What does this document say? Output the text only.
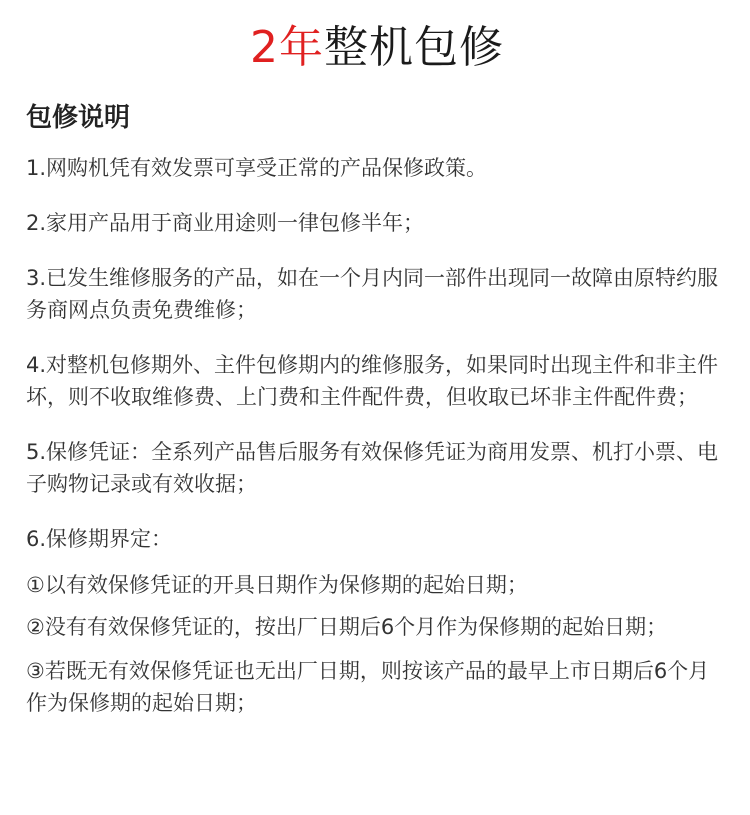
2年整机包修
包修说明

1.网购机凭有效发票可享受正常的产品保修政策。

2.家用产品用于商业用途则一律包修半年；

3.已发生维修服务的产品，如在一个月内同一部件出现同一故障由原特约服务商网点负责免费维修；

4.对整机包修期外、主件包修期内的维修服务，如果同时出现主件和非主件坏，则不收取维修费、上门费和主件配件费，但收取已坏非主件配件费；

5.保修凭证：全系列产品售后服务有效保修凭证为商用发票、机打小票、电子购物记录或有效收据；

6.保修期界定：

①以有效保修凭证的开具日期作为保修期的起始日期；

②没有有效保修凭证的，按出厂日期后6个月作为保修期的起始日期；

③若既无有效保修凭证也无出厂日期，则按该产品的最早上市日期后6个月作为保修期的起始日期；
